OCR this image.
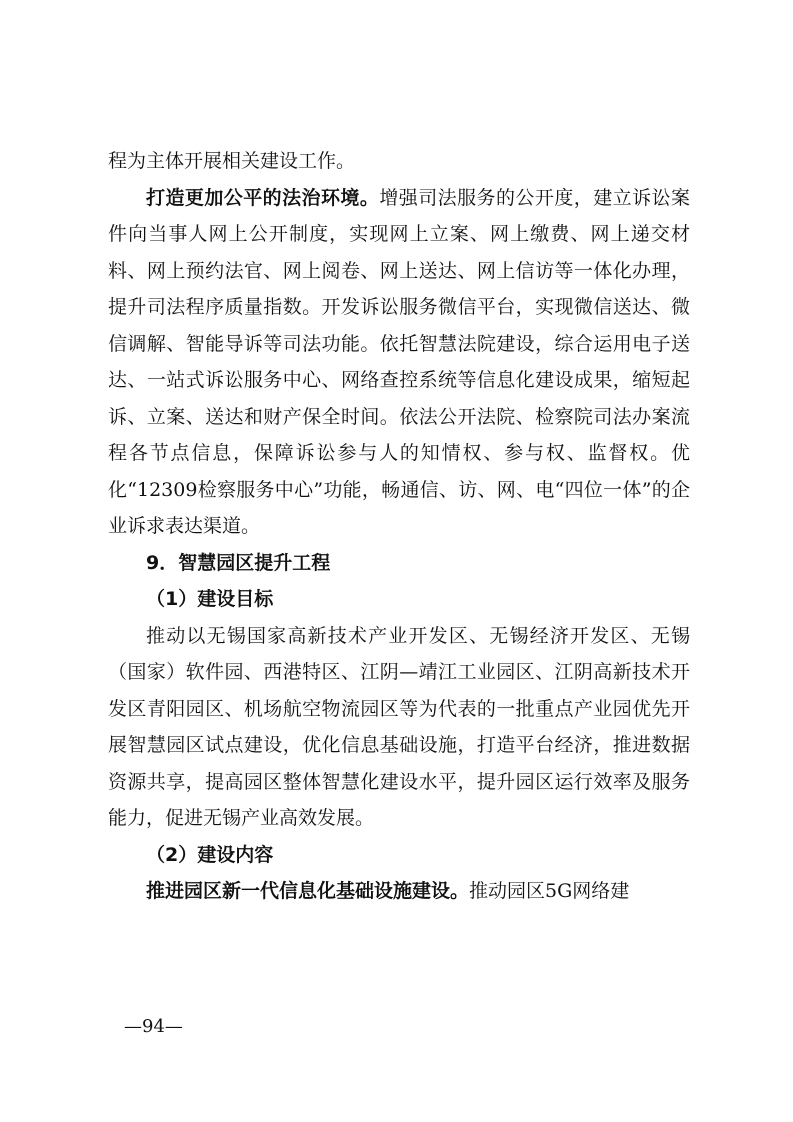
程为主体开展相关建设工作。

打造更加公平的法治环境。增强司法服务的公开度，建立诉讼案件向当事人网上公开制度，实现网上立案、网上缴费、网上递交材料、网上预约法官、网上阅卷、网上送达、网上信访等一体化办理，提升司法程序质量指数。开发诉讼服务微信平台，实现微信送达、微信调解、智能导诉等司法功能。依托智慧法院建设，综合运用电子送达、一站式诉讼服务中心、网络查控系统等信息化建设成果，缩短起诉、立案、送达和财产保全时间。依法公开法院、检察院司法办案流程各节点信息，保障诉讼参与人的知情权、参与权、监督权。优化“12309检察服务中心”功能，畅通信、访、网、电“四位一体”的企业诉求表达渠道。

9．智慧园区提升工程

（1）建设目标

推动以无锡国家高新技术产业开发区、无锡经济开发区、无锡（国家）软件园、西港特区、江阴—靖江工业园区、江阴高新技术开发区青阳园区、机场航空物流园区等为代表的一批重点产业园优先开展智慧园区试点建设，优化信息基础设施，打造平台经济，推进数据资源共享，提高园区整体智慧化建设水平，提升园区运行效率及服务能力，促进无锡产业高效发展。

（2）建设内容

推进园区新一代信息化基础设施建设。推动园区5G网络建

—94—
